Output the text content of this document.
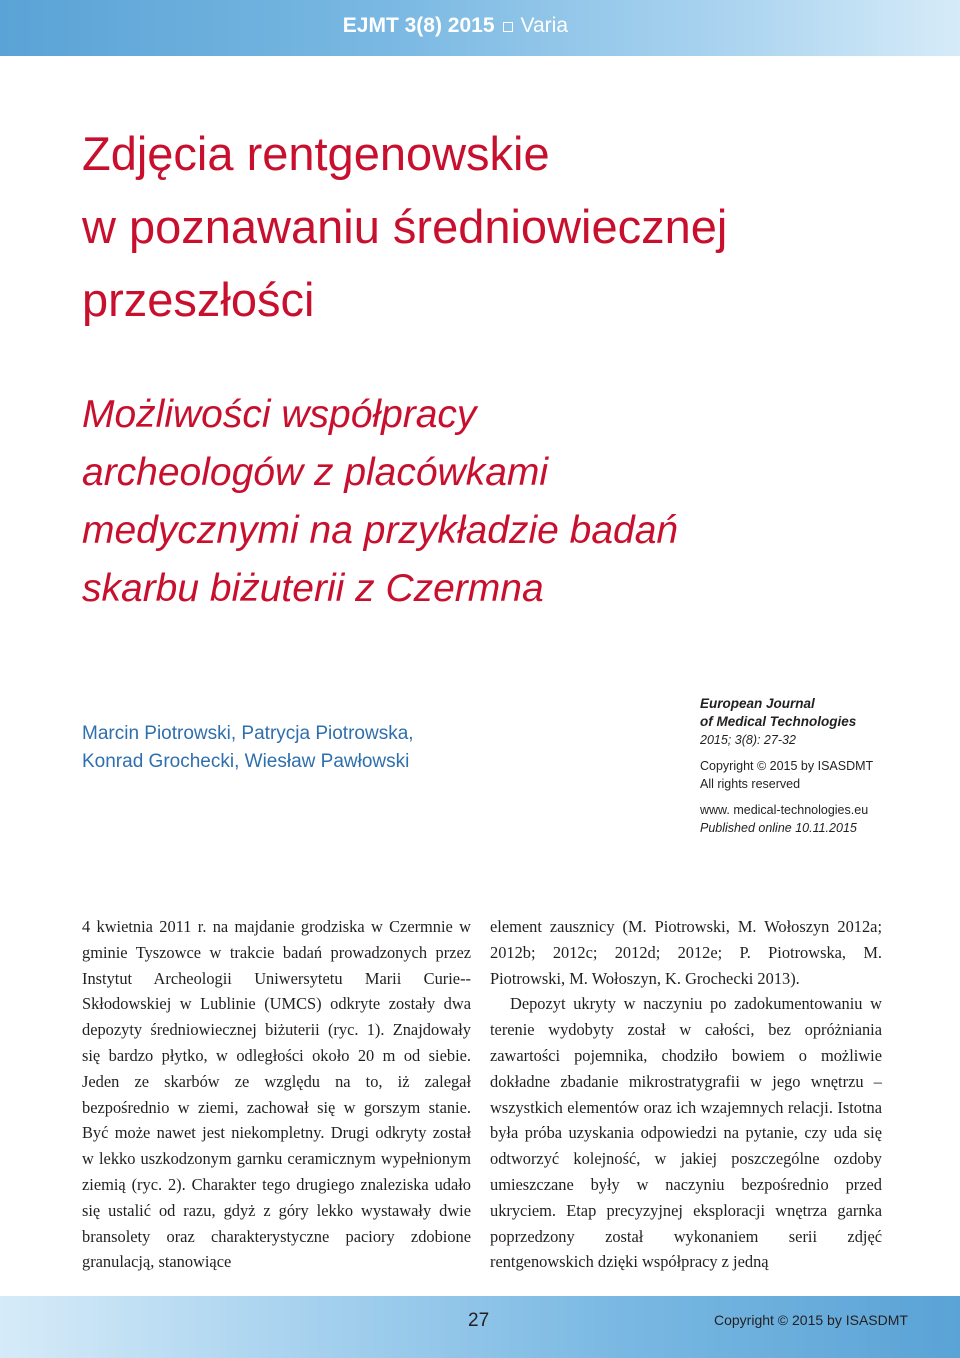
EJMT 3(8) 2015 Varia
Zdjęcia rentgenowskie
w poznawaniu średniowiecznej
przeszłości
Możliwości współpracy
archeologów z placówkami
medycznymi na przykładzie badań
skarbu biżuterii z Czermna
Marcin Piotrowski, Patrycja Piotrowska,
Konrad Grochecki, Wiesław Pawłowski
European Journal
of Medical Technologies
2015; 3(8): 27-32
Copyright © 2015 by ISASDMT
All rights reserved
www. medical-technologies.eu
Published online 10.11.2015

4 kwietnia 2011 r. na majdanie grodziska w Czermnie w gminie Tyszowce w trakcie badań prowadzonych przez Instytut Archeologii Uniwersytetu Marii Curie--Skłodowskiej w Lublinie (UMCS) odkryte zostały dwa depozyty średniowiecznej biżuterii (ryc. 1). Znajdowały się bardzo płytko, w odległości około 20 m od siebie. Jeden ze skarbów ze względu na to, iż zalegał bezpośrednio w ziemi, zachował się w gorszym stanie. Być może nawet jest niekompletny. Drugi odkryty został w lekko uszkodzonym garnku ceramicznym wypełnionym ziemią (ryc. 2). Charakter tego drugiego znaleziska udało się ustalić od razu, gdyż z góry lekko wystawały dwie bransolety oraz charakterystyczne paciory zdobione granulacją, stanowiące

element zausznicy (M. Piotrowski, M. Wołoszyn 2012a; 2012b; 2012c; 2012d; 2012e; P. Piotrowska, M. Piotrowski, M. Wołoszyn, K. Grochecki 2013).

Depozyt ukryty w naczyniu po zadokumentowaniu w terenie wydobyty został w całości, bez opróżniania zawartości pojemnika, chodziło bowiem o możliwie dokładne zbadanie mikrostratygrafii w jego wnętrzu – wszystkich elementów oraz ich wzajemnych relacji. Istotna była próba uzyskania odpowiedzi na pytanie, czy uda się odtworzyć kolejność, w jakiej poszczególne ozdoby umieszczane były w naczyniu bezpośrednio przed ukryciem. Etap precyzyjnej eksploracji wnętrza garnka poprzedzony został wykonaniem serii zdjęć rentgenowskich dzięki współpracy z jedną

27	Copyright © 2015 by ISASDMT
